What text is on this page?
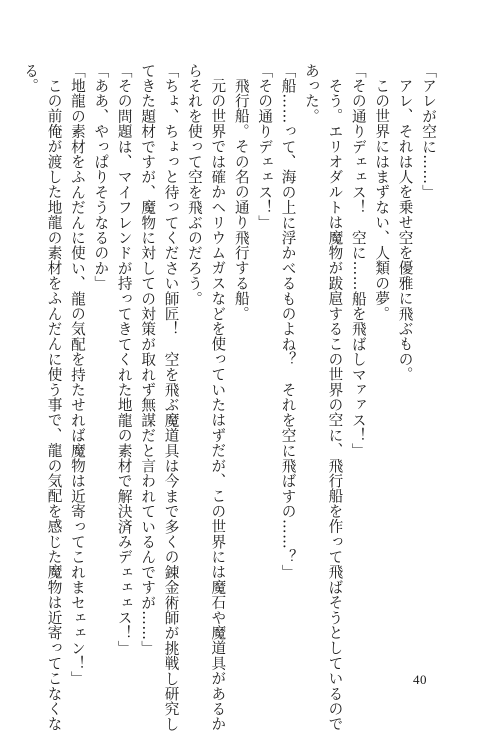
「アレが空に……」
アレ、それは人を乗せ空を優雅に飛ぶもの。
この世界にはまずない、人類の夢。
「その通りデェェス！　空に……船を飛ばしマァァス！」
そう。エリオダルトは魔物が跋扈するこの世界の空に、飛行船を作って飛ばそうとしているので
あった。
「船……って、海の上に浮かべるものよね？　それを空に飛ばすの……？」
「その通りデェェス！」
飛行船。その名の通り飛行する船。
元の世界では確かヘリウムガスなどを使っていたはずだが、この世界には魔石や魔道具があるか
らそれを使って空を飛ぶのだろう。
「ちょ、ちょっと待ってください師匠！　空を飛ぶ魔道具は今まで多くの錬金術師が挑戦し研究し
てきた題材ですが、魔物に対しての対策が取れず無謀だと言われているんですが……」
「その問題は、マイフレンドが持ってきてくれた地龍の素材で解決済みデェェェス！」
「ああ、やっぱりそうなるのか」
「地龍の素材をふんだんに使い、龍の気配を持たせれば魔物は近寄ってこれまセェェン！」
この前俺が渡した地龍の素材をふんだんに使う事で、龍の気配を感じた魔物は近寄ってこなくな
る。
40
